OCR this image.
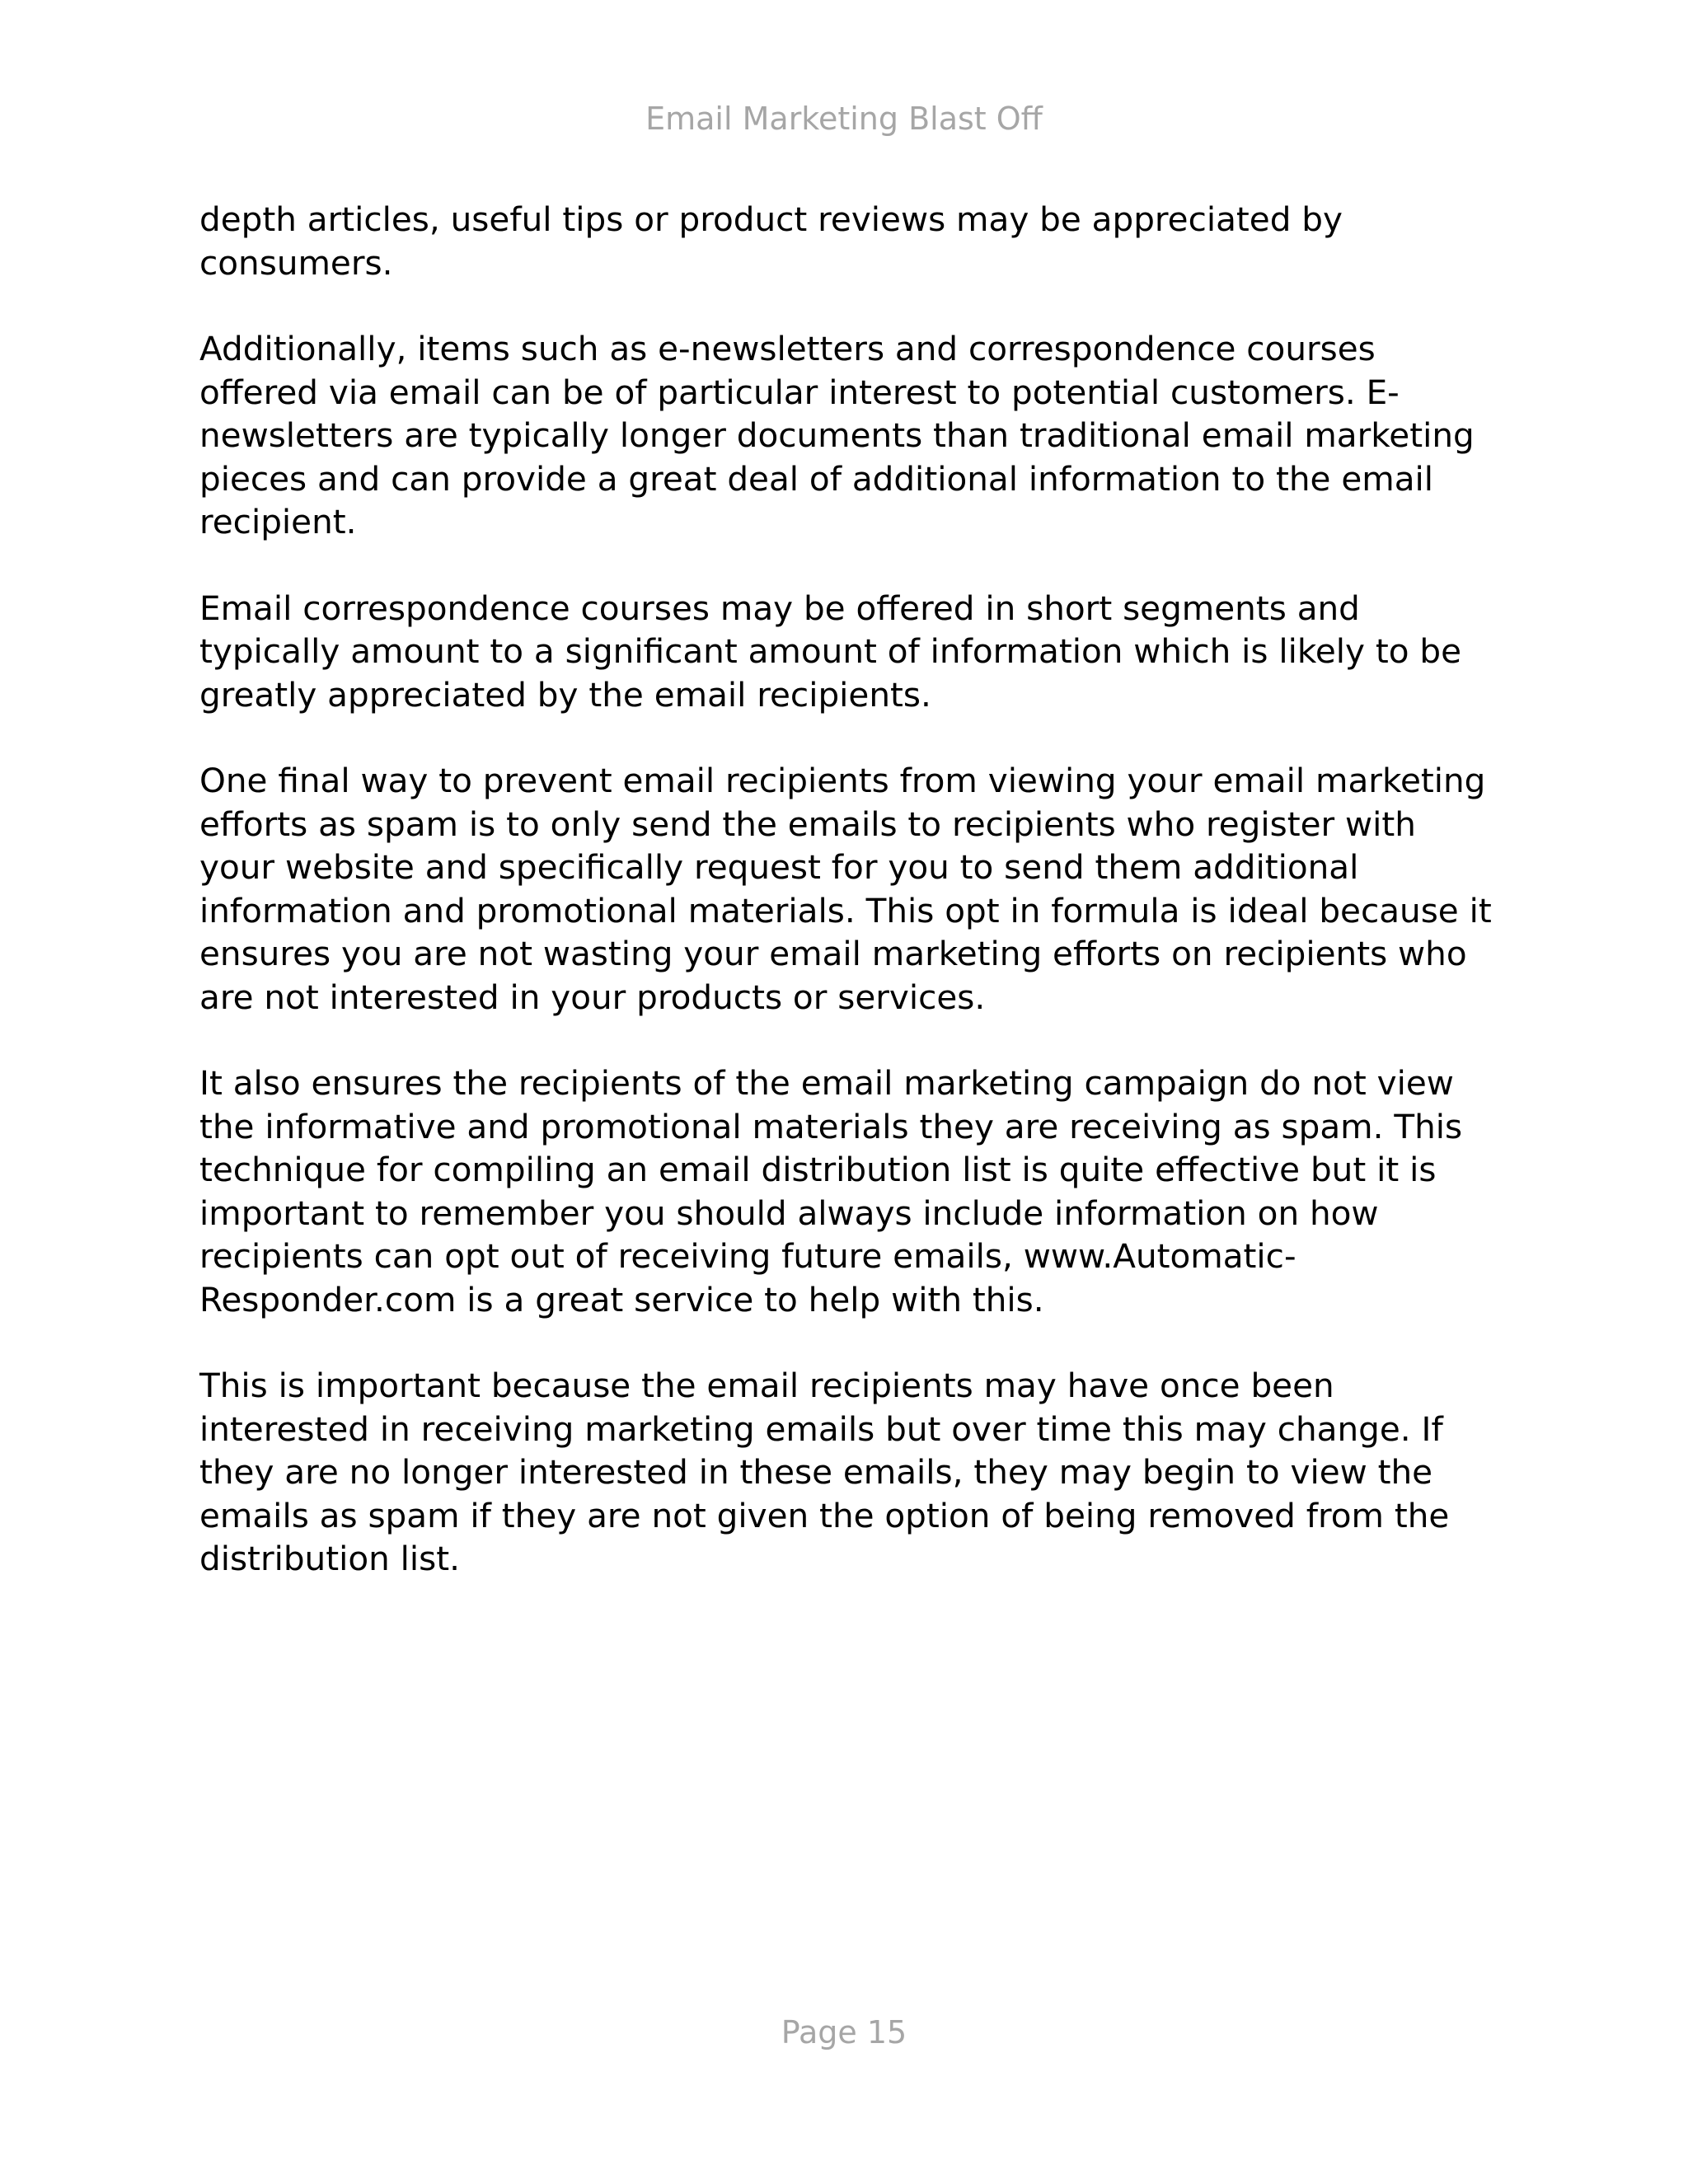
Email Marketing Blast Off

depth articles, useful tips or product reviews may be appreciated by
consumers.

Additionally, items such as e-newsletters and correspondence courses
offered via email can be of particular interest to potential customers. E-
newsletters are typically longer documents than traditional email marketing
pieces and can provide a great deal of additional information to the email
recipient.

Email correspondence courses may be offered in short segments and
typically amount to a significant amount of information which is likely to be
greatly appreciated by the email recipients.

One final way to prevent email recipients from viewing your email marketing
efforts as spam is to only send the emails to recipients who register with
your website and specifically request for you to send them additional
information and promotional materials. This opt in formula is ideal because it
ensures you are not wasting your email marketing efforts on recipients who
are not interested in your products or services.

It also ensures the recipients of the email marketing campaign do not view
the informative and promotional materials they are receiving as spam. This
technique for compiling an email distribution list is quite effective but it is
important to remember you should always include information on how
recipients can opt out of receiving future emails, www.Automatic-
Responder.com is a great service to help with this.

This is important because the email recipients may have once been
interested in receiving marketing emails but over time this may change. If
they are no longer interested in these emails, they may begin to view the
emails as spam if they are not given the option of being removed from the
distribution list.

Page 15
